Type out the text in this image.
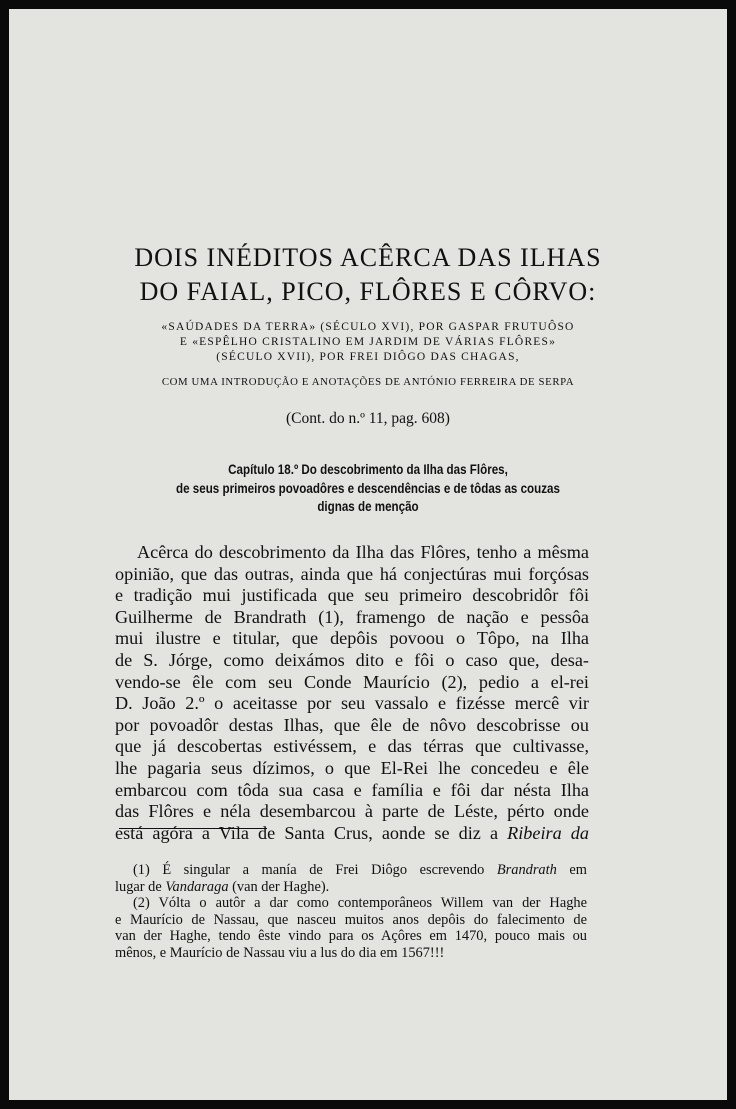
DOIS INÉDITOS ACÊRCA DAS ILHAS
DO FAIAL, PICO, FLÔRES E CÔRVO:
«SAÚDADES DA TERRA» (SÉCULO XVI), POR GASPAR FRUTUÔSO
E «ESPÊLHO CRISTALINO EM JARDIM DE VÁRIAS FLÔRES»
(SÉCULO XVII), POR FREI DIÔGO DAS CHAGAS,
COM UMA INTRODUÇÃO E ANOTAÇÕES DE ANTÓNIO FERREIRA DE SERPA
(Cont. do n.º 11, pag. 608)
Capítulo 18.º Do descobrimento da Ilha das Flôres,
de seus primeiros povoadôres e descendências e de tôdas as couzas
dignas de menção
Acêrca do descobrimento da Ilha das Flôres, tenho a mêsma
opinião, que das outras, ainda que há conjectúras mui forçósas
e tradição mui justificada que seu primeiro descobridôr fôi
Guilherme de Brandrath (1), framengo de nação e pessôa
mui ilustre e titular, que depôis povoou o Tôpo, na Ilha
de S. Jórge, como deixámos dito e fôi o caso que, desa-
vendo-se êle com seu Conde Maurício (2), pedio a el-rei
D. João 2.º o aceitasse por seu vassalo e fizésse mercê vir
por povoadôr destas Ilhas, que êle de nôvo descobrisse ou
que já descobertas estivéssem, e das térras que cultivasse,
lhe pagaria seus dízimos, o que El-Rei lhe concedeu e êle
embarcou com tôda sua casa e família e fôi dar nésta Ilha
das Flôres e néla desembarcou à parte de Léste, pérto onde
está agóra a Vila de Santa Crus, aonde se diz a Ribeira da
(1) É singular a manía de Frei Diôgo escrevendo Brandrath em
lugar de Vandaraga (van der Haghe).
(2) Vólta o autôr a dar como contemporâneos Willem van der Haghe
e Maurício de Nassau, que nasceu muitos anos depôis do falecimento de
van der Haghe, tendo êste vindo para os Açôres em 1470, pouco mais ou
mênos, e Maurício de Nassau viu a lus do dia em 1567!!!
